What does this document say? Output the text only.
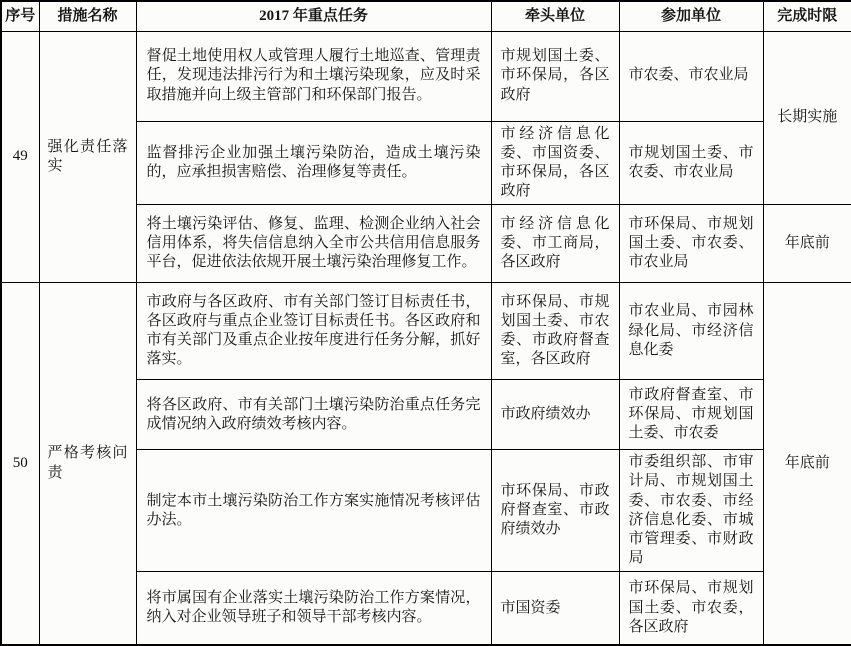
序号	措施名称	2017 年重点任务	牵头单位	参加单位	完成时限
49	强化责任落实	督促土地使用权人或管理人履行土地巡查、管理责任，发现违法排污行为和土壤污染现象，应及时采取措施并向上级主管部门和环保部门报告。	市规划国土委、市环保局，各区政府	市农委、市农业局	长期实施
		监督排污企业加强土壤污染防治，造成土壤污染的，应承担损害赔偿、治理修复等责任。	市经济信息化委、市国资委、市环保局，各区政府	市规划国土委、市农委、市农业局	
		将土壤污染评估、修复、监理、检测企业纳入社会信用体系，将失信信息纳入全市公共信用信息服务平台，促进依法依规开展土壤污染治理修复工作。	市经济信息化委、市工商局，各区政府	市环保局、市规划国土委、市农委、市农业局	年底前
50	严格考核问责	市政府与各区政府、市有关部门签订目标责任书，各区政府与重点企业签订目标责任书。各区政府和市有关部门及重点企业按年度进行任务分解，抓好落实。	市环保局、市规划国土委、市农委、市政府督查室，各区政府	市农业局、市园林绿化局、市经济信息化委	年底前
		将各区政府、市有关部门土壤污染防治重点任务完成情况纳入政府绩效考核内容。	市政府绩效办	市政府督查室、市环保局、市规划国土委、市农委	
		制定本市土壤污染防治工作方案实施情况考核评估办法。	市环保局、市政府督查室、市政府绩效办	市委组织部、市审计局、市规划国土委、市农委、市经济信息化委、市城市管理委、市财政局	
		将市属国有企业落实土壤污染防治工作方案情况，纳入对企业领导班子和领导干部考核内容。	市国资委	市环保局、市规划国土委、市农委，各区政府	
